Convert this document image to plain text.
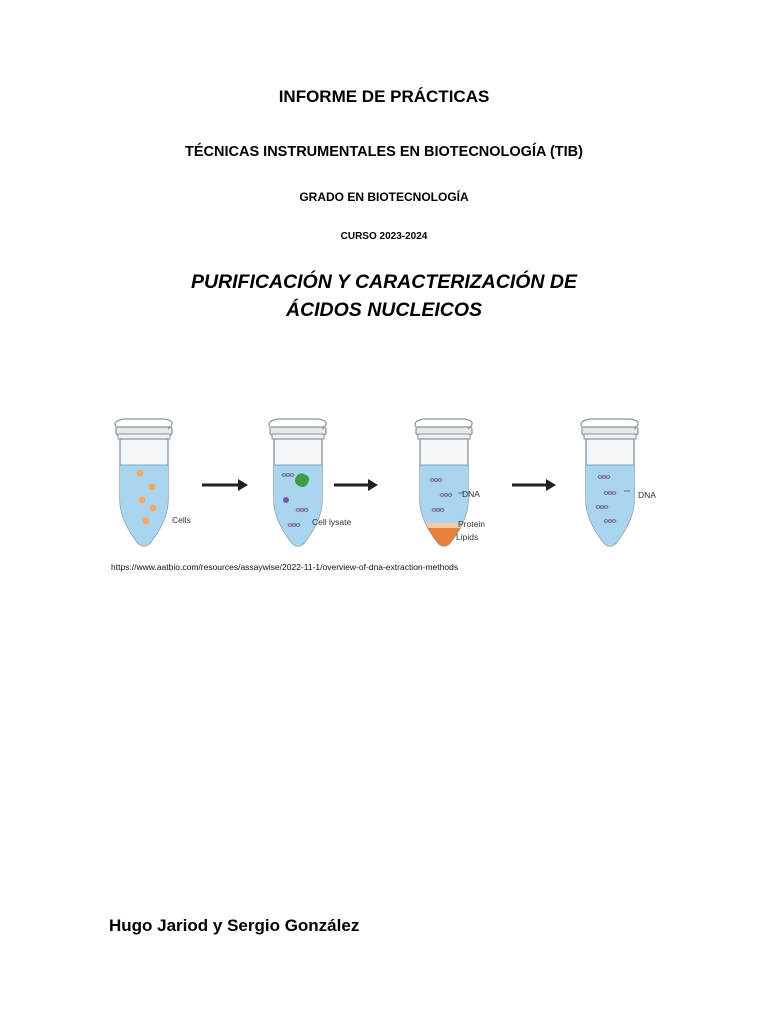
INFORME DE PRÁCTICAS
TÉCNICAS INSTRUMENTALES EN BIOTECNOLOGÍA (TIB)
GRADO EN BIOTECNOLOGÍA
CURSO 2023-2024
PURIFICACIÓN Y CARACTERIZACIÓN DE
ÁCIDOS NUCLEICOS
Cells	Cell lysate
DNA
Protein
Lipids
DNA
https://www.aatbio.com/resources/assaywise/2022-11-1/overview-of-dna-extraction-methods
Hugo Jariod y Sergio González
